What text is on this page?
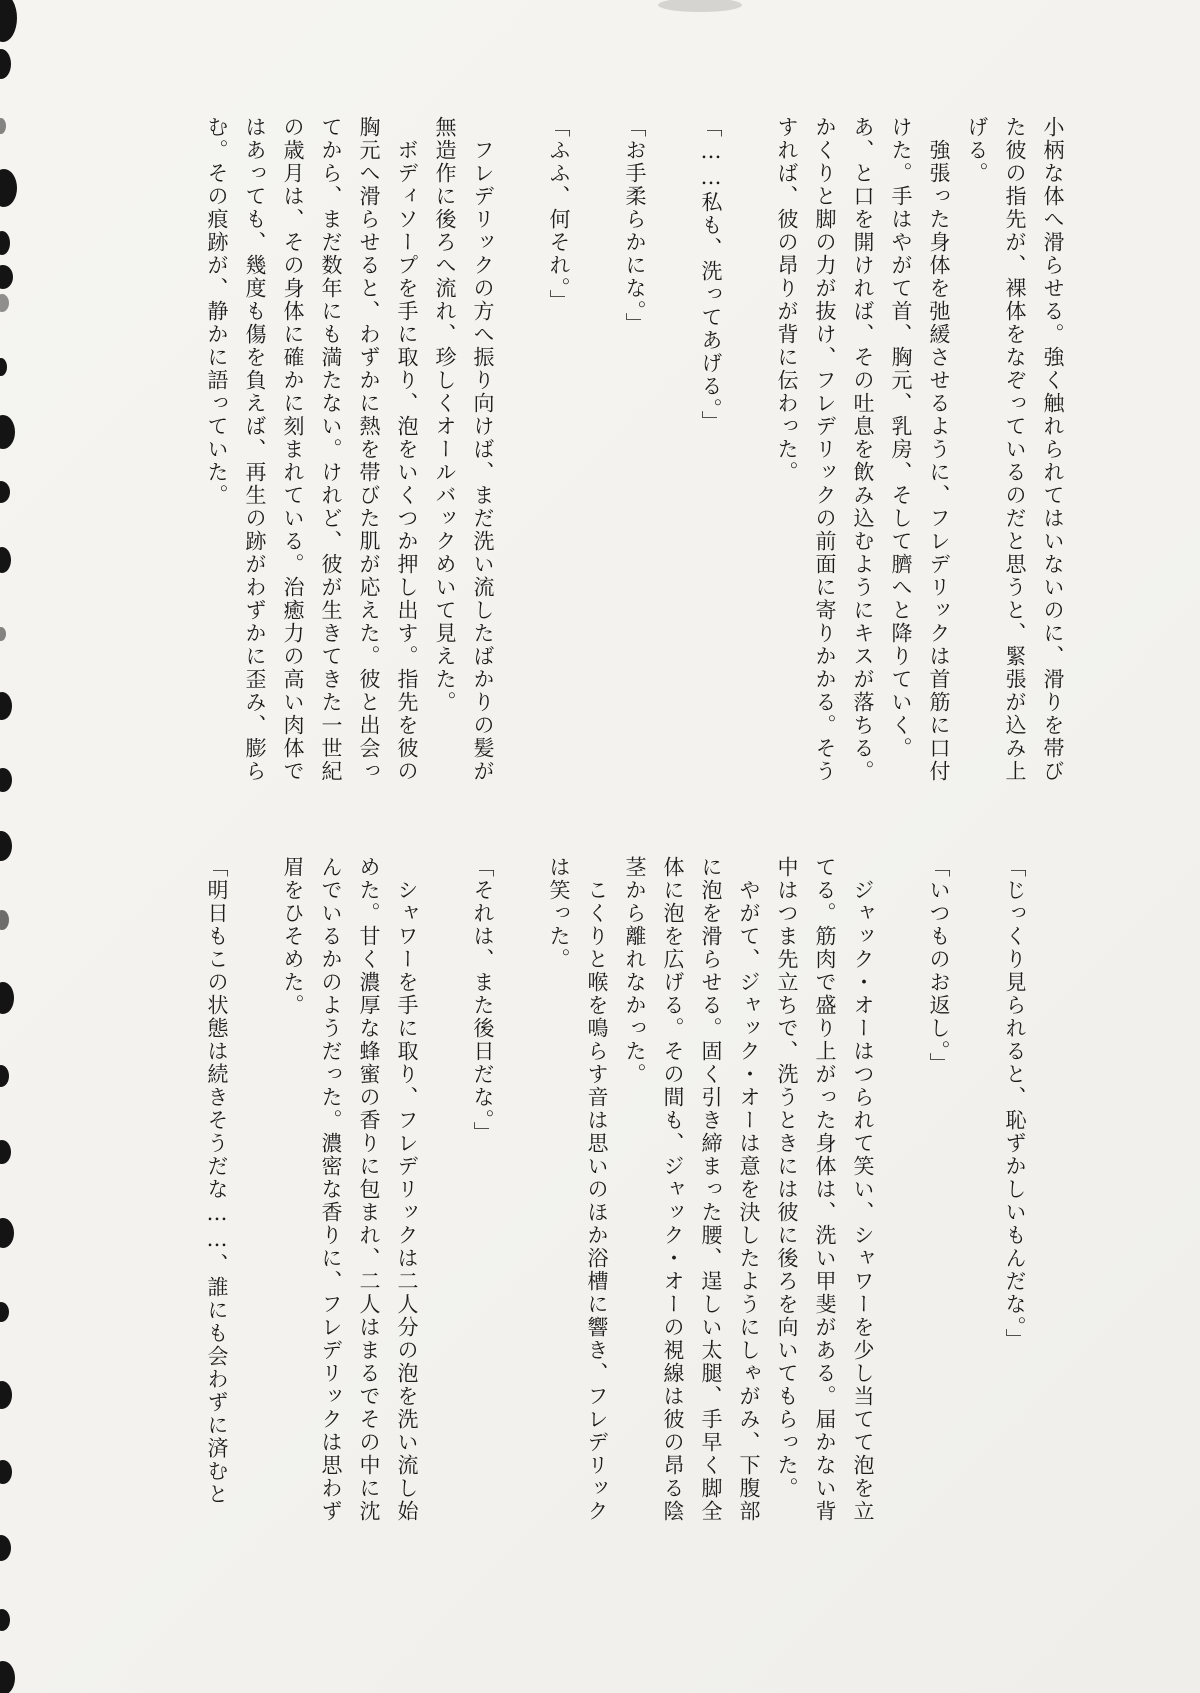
小柄な体へ滑らせる。強く触れられてはいないのに、滑りを帯びた彼の指先が、裸体をなぞっているのだと思うと、緊張が込み上げる。

　強張った身体を弛緩させるように、フレデリックは首筋に口付けた。手はやがて首、胸元、乳房、そして臍へと降りていく。あ、と口を開ければ、その吐息を飲み込むようにキスが落ちる。かくりと脚の力が抜け、フレデリックの前面に寄りかかる。そうすれば、彼の昂りが背に伝わった。

「……私も、洗ってあげる。」

「お手柔らかにな。」

「ふふ、何それ。」

　フレデリックの方へ振り向けば、まだ洗い流したばかりの髪が無造作に後ろへ流れ、珍しくオールバックめいて見えた。

　ボディソープを手に取り、泡をいくつか押し出す。指先を彼の胸元へ滑らせると、わずかに熱を帯びた肌が応えた。彼と出会ってから、まだ数年にも満たない。けれど、彼が生きてきた一世紀の歳月は、その身体に確かに刻まれている。治癒力の高い肉体ではあっても、幾度も傷を負えば、再生の跡がわずかに歪み、膨らむ。その痕跡が、静かに語っていた。

「じっくり見られると、恥ずかしいもんだな。」

「いつものお返し。」

　ジャック・オーはつられて笑い、シャワーを少し当てて泡を立てる。筋肉で盛り上がった身体は、洗い甲斐がある。届かない背中はつま先立ちで、洗うときには彼に後ろを向いてもらった。

　やがて、ジャック・オーは意を決したようにしゃがみ、下腹部に泡を滑らせる。固く引き締まった腰、逞しい太腿、手早く脚全体に泡を広げる。その間も、ジャック・オーの視線は彼の昂る陰茎から離れなかった。

　こくりと喉を鳴らす音は思いのほか浴槽に響き、フレデリックは笑った。

「それは、また後日だな。」

　シャワーを手に取り、フレデリックは二人分の泡を洗い流し始めた。甘く濃厚な蜂蜜の香りに包まれ、二人はまるでその中に沈んでいるかのようだった。濃密な香りに、フレデリックは思わず眉をひそめた。

「明日もこの状態は続きそうだな……、誰にも会わずに済むと
